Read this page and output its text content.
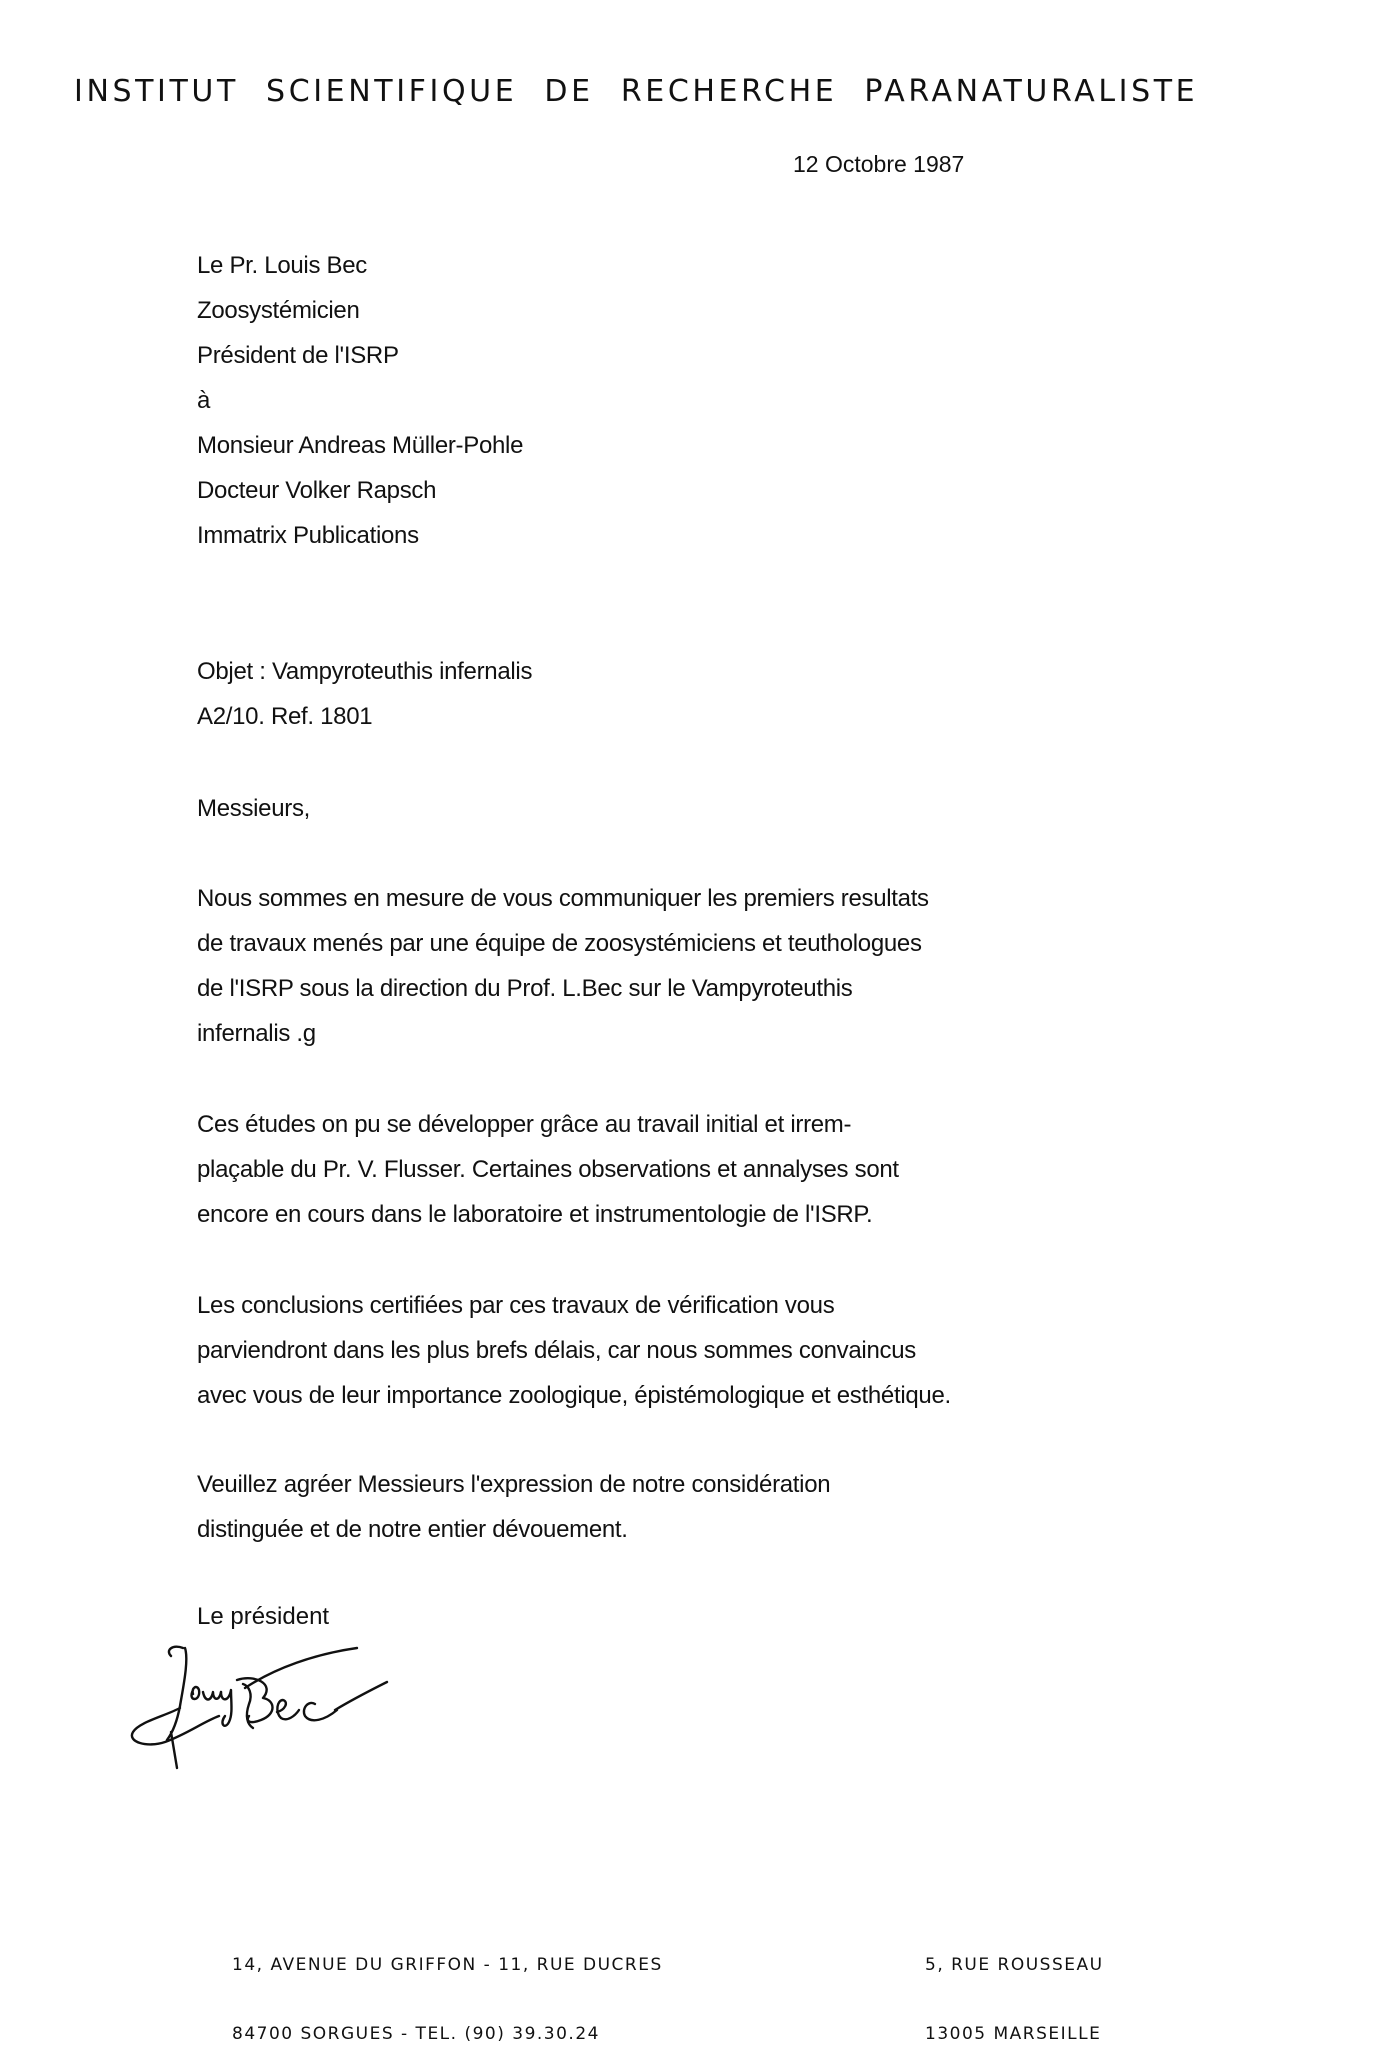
INSTITUT SCIENTIFIQUE DE RECHERCHE PARANATURALISTE
12 Octobre 1987
Le Pr. Louis Bec
Zoosystémicien
Président de l'ISRP
à
Monsieur Andreas Müller-Pohle
Docteur Volker Rapsch
Immatrix Publications
Objet : Vampyroteuthis infernalis
A2/10. Ref. 1801
Messieurs,
Nous sommes en mesure de vous communiquer les premiers resultats
de travaux menés par une équipe de zoosystémiciens et teuthologues
de l'ISRP sous la direction du Prof. L.Bec sur le Vampyroteuthis
infernalis .g
Ces études on pu se développer grâce au travail initial et irrem-
plaçable du Pr. V. Flusser. Certaines observations et annalyses sont
encore en cours dans le laboratoire et instrumentologie de l'ISRP.
Les conclusions certifiées par ces travaux de vérification vous
parviendront dans les plus brefs délais, car nous sommes convaincus
avec vous de leur importance zoologique, épistémologique et esthétique.
Veuillez agréer Messieurs l'expression de notre considération
distinguée et de notre entier dévouement.
Le président

14, AVENUE DU GRIFFON - 11, RUE DUCRES

84700 SORGUES - TEL. (90) 39.30.24

5, RUE ROUSSEAU

13005 MARSEILLE
